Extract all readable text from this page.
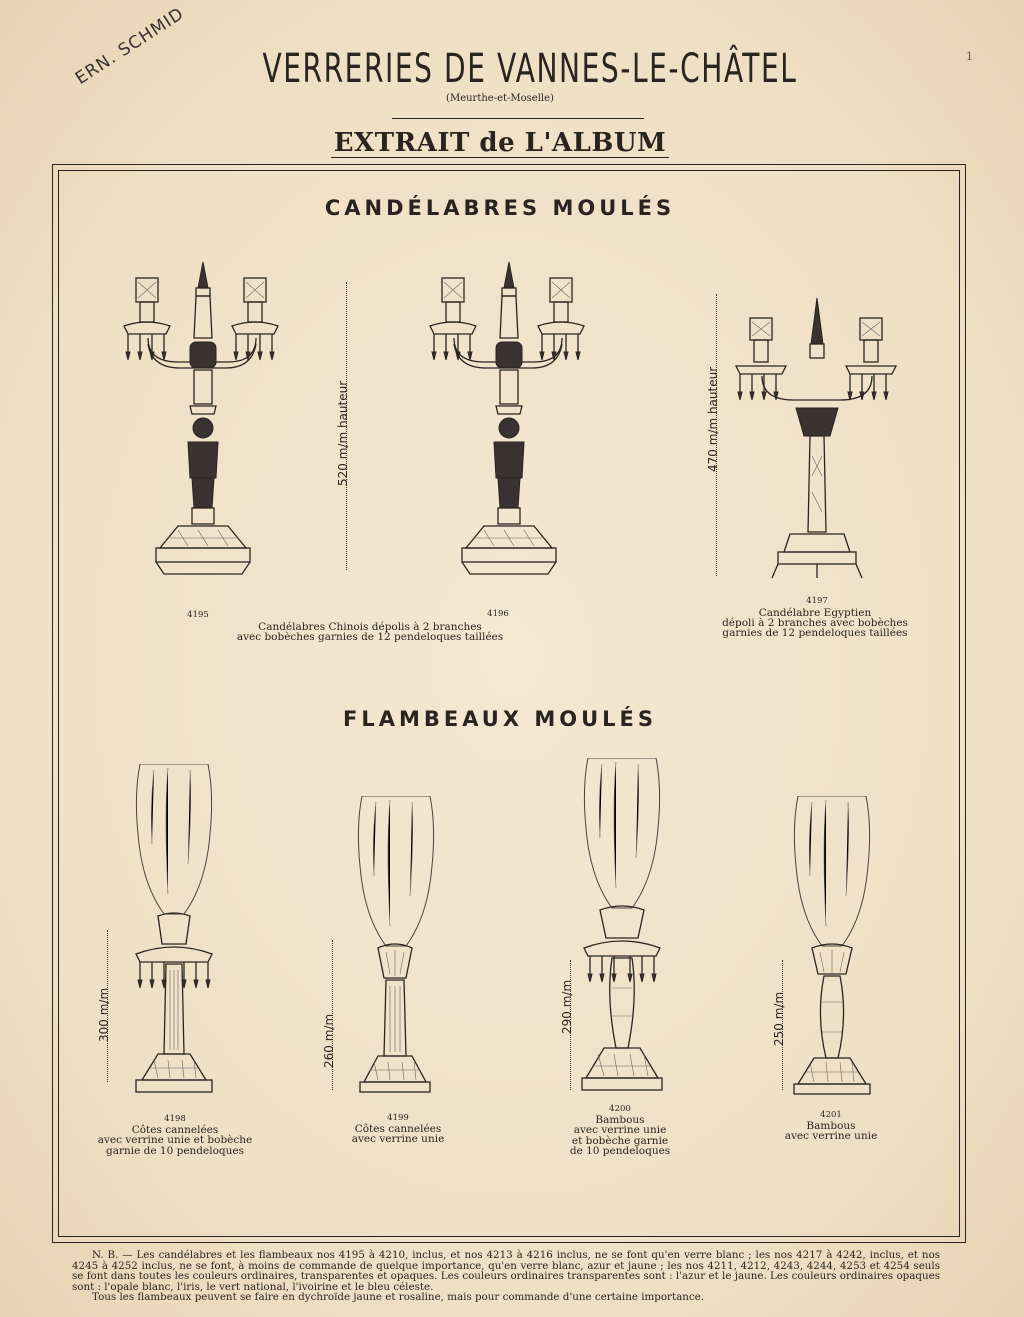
ERN. SCHMID	1
VERRERIES DE VANNES-LE-CHÂTEL
(Meurthe-et-Moselle)
EXTRAIT de L'ALBUM
CANDÉLABRES MOULÉS
520 m/m hauteur	470 m/m hauteur
4195	4196
Candélabres Chinois dépolis à 2 branches
avec bobèches garnies de 12 pendeloques taillées
4197
Candélabre Egyptien
dépoli à 2 branches avec bobèches
garnies de 12 pendeloques taillées
FLAMBEAUX MOULÉS
300 m/m	260 m/m
290 m/m	250 m/m
4198
Côtes cannelées
avec verrine unie et bobèche
garnie de 10 pendeloques
4199
Côtes cannelées
avec verrine unie
4200
Bambous
avec verrine unie
et bobèche garnie
de 10 pendeloques
4201
Bambous
avec verrine unie

N. B. — Les candélabres et les flambeaux nos 4195 à 4210, inclus, et nos 4213 à 4216 inclus, ne se font qu'en verre blanc ; les nos 4217 à 4242, inclus, et nos 4245 à 4252 inclus, ne se font, à moins de commande de quelque importance, qu'en verre blanc, azur et jaune ; les nos 4211, 4212, 4243, 4244, 4253 et 4254 seuls se font dans toutes les couleurs ordinaires, transparentes et opaques. Les couleurs ordinaires transparentes sont : l'azur et le jaune. Les couleurs ordinaires opaques sont : l'opale blanc, l'iris, le vert national, l'ivoirine et le bleu céleste.

Tous les flambeaux peuvent se faire en dychroïde jaune et rosaline, mais pour commande d'une certaine importance.
